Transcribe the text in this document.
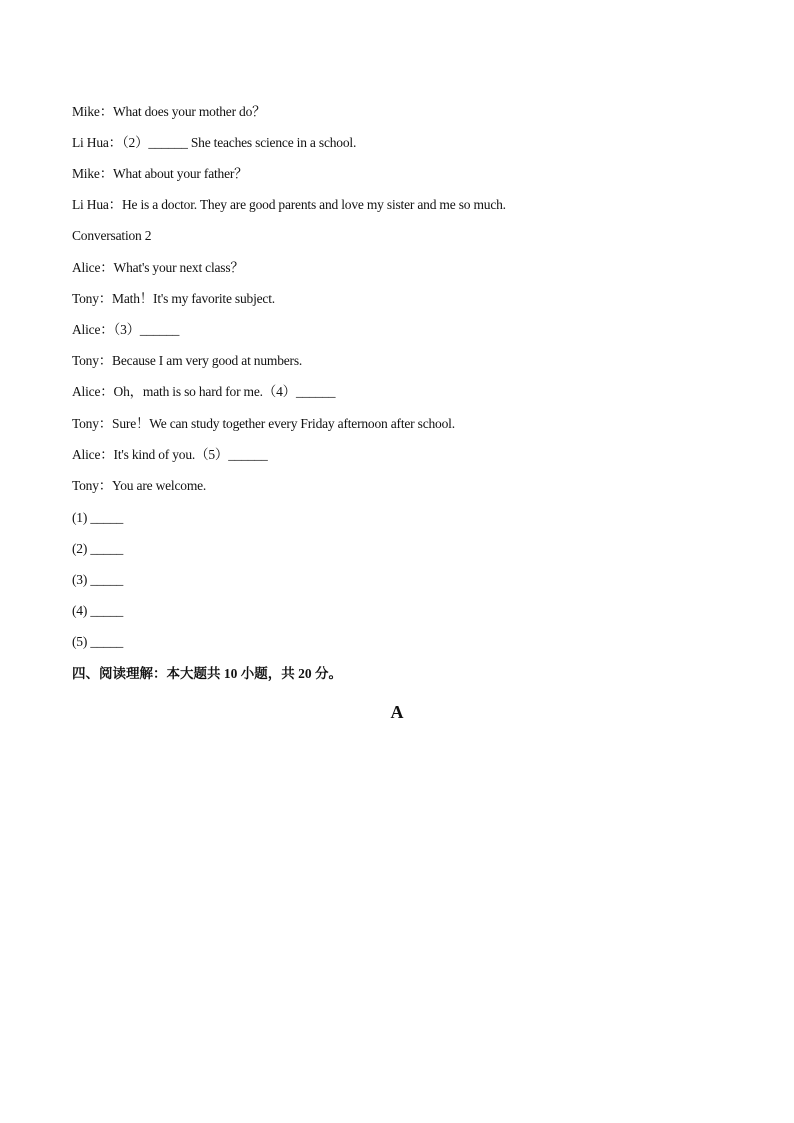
Mike：What does your mother do？
Li Hua：（2）______ She teaches science in a school.
Mike：What about your father？
Li Hua：He is a doctor. They are good parents and love my sister and me so much.
Conversation 2
Alice：What's your next class？
Tony：Math！It's my favorite subject.
Alice：（3）______
Tony：Because I am very good at numbers.
Alice：Oh，math is so hard for me.（4）______
Tony：Sure！We can study together every Friday afternoon after school.
Alice：It's kind of you.（5）______
Tony：You are welcome.
(1) _____
(2) _____
(3) _____
(4) _____
(5) _____
四、阅读理解：本大题共 10 小题，共 20 分。
A
